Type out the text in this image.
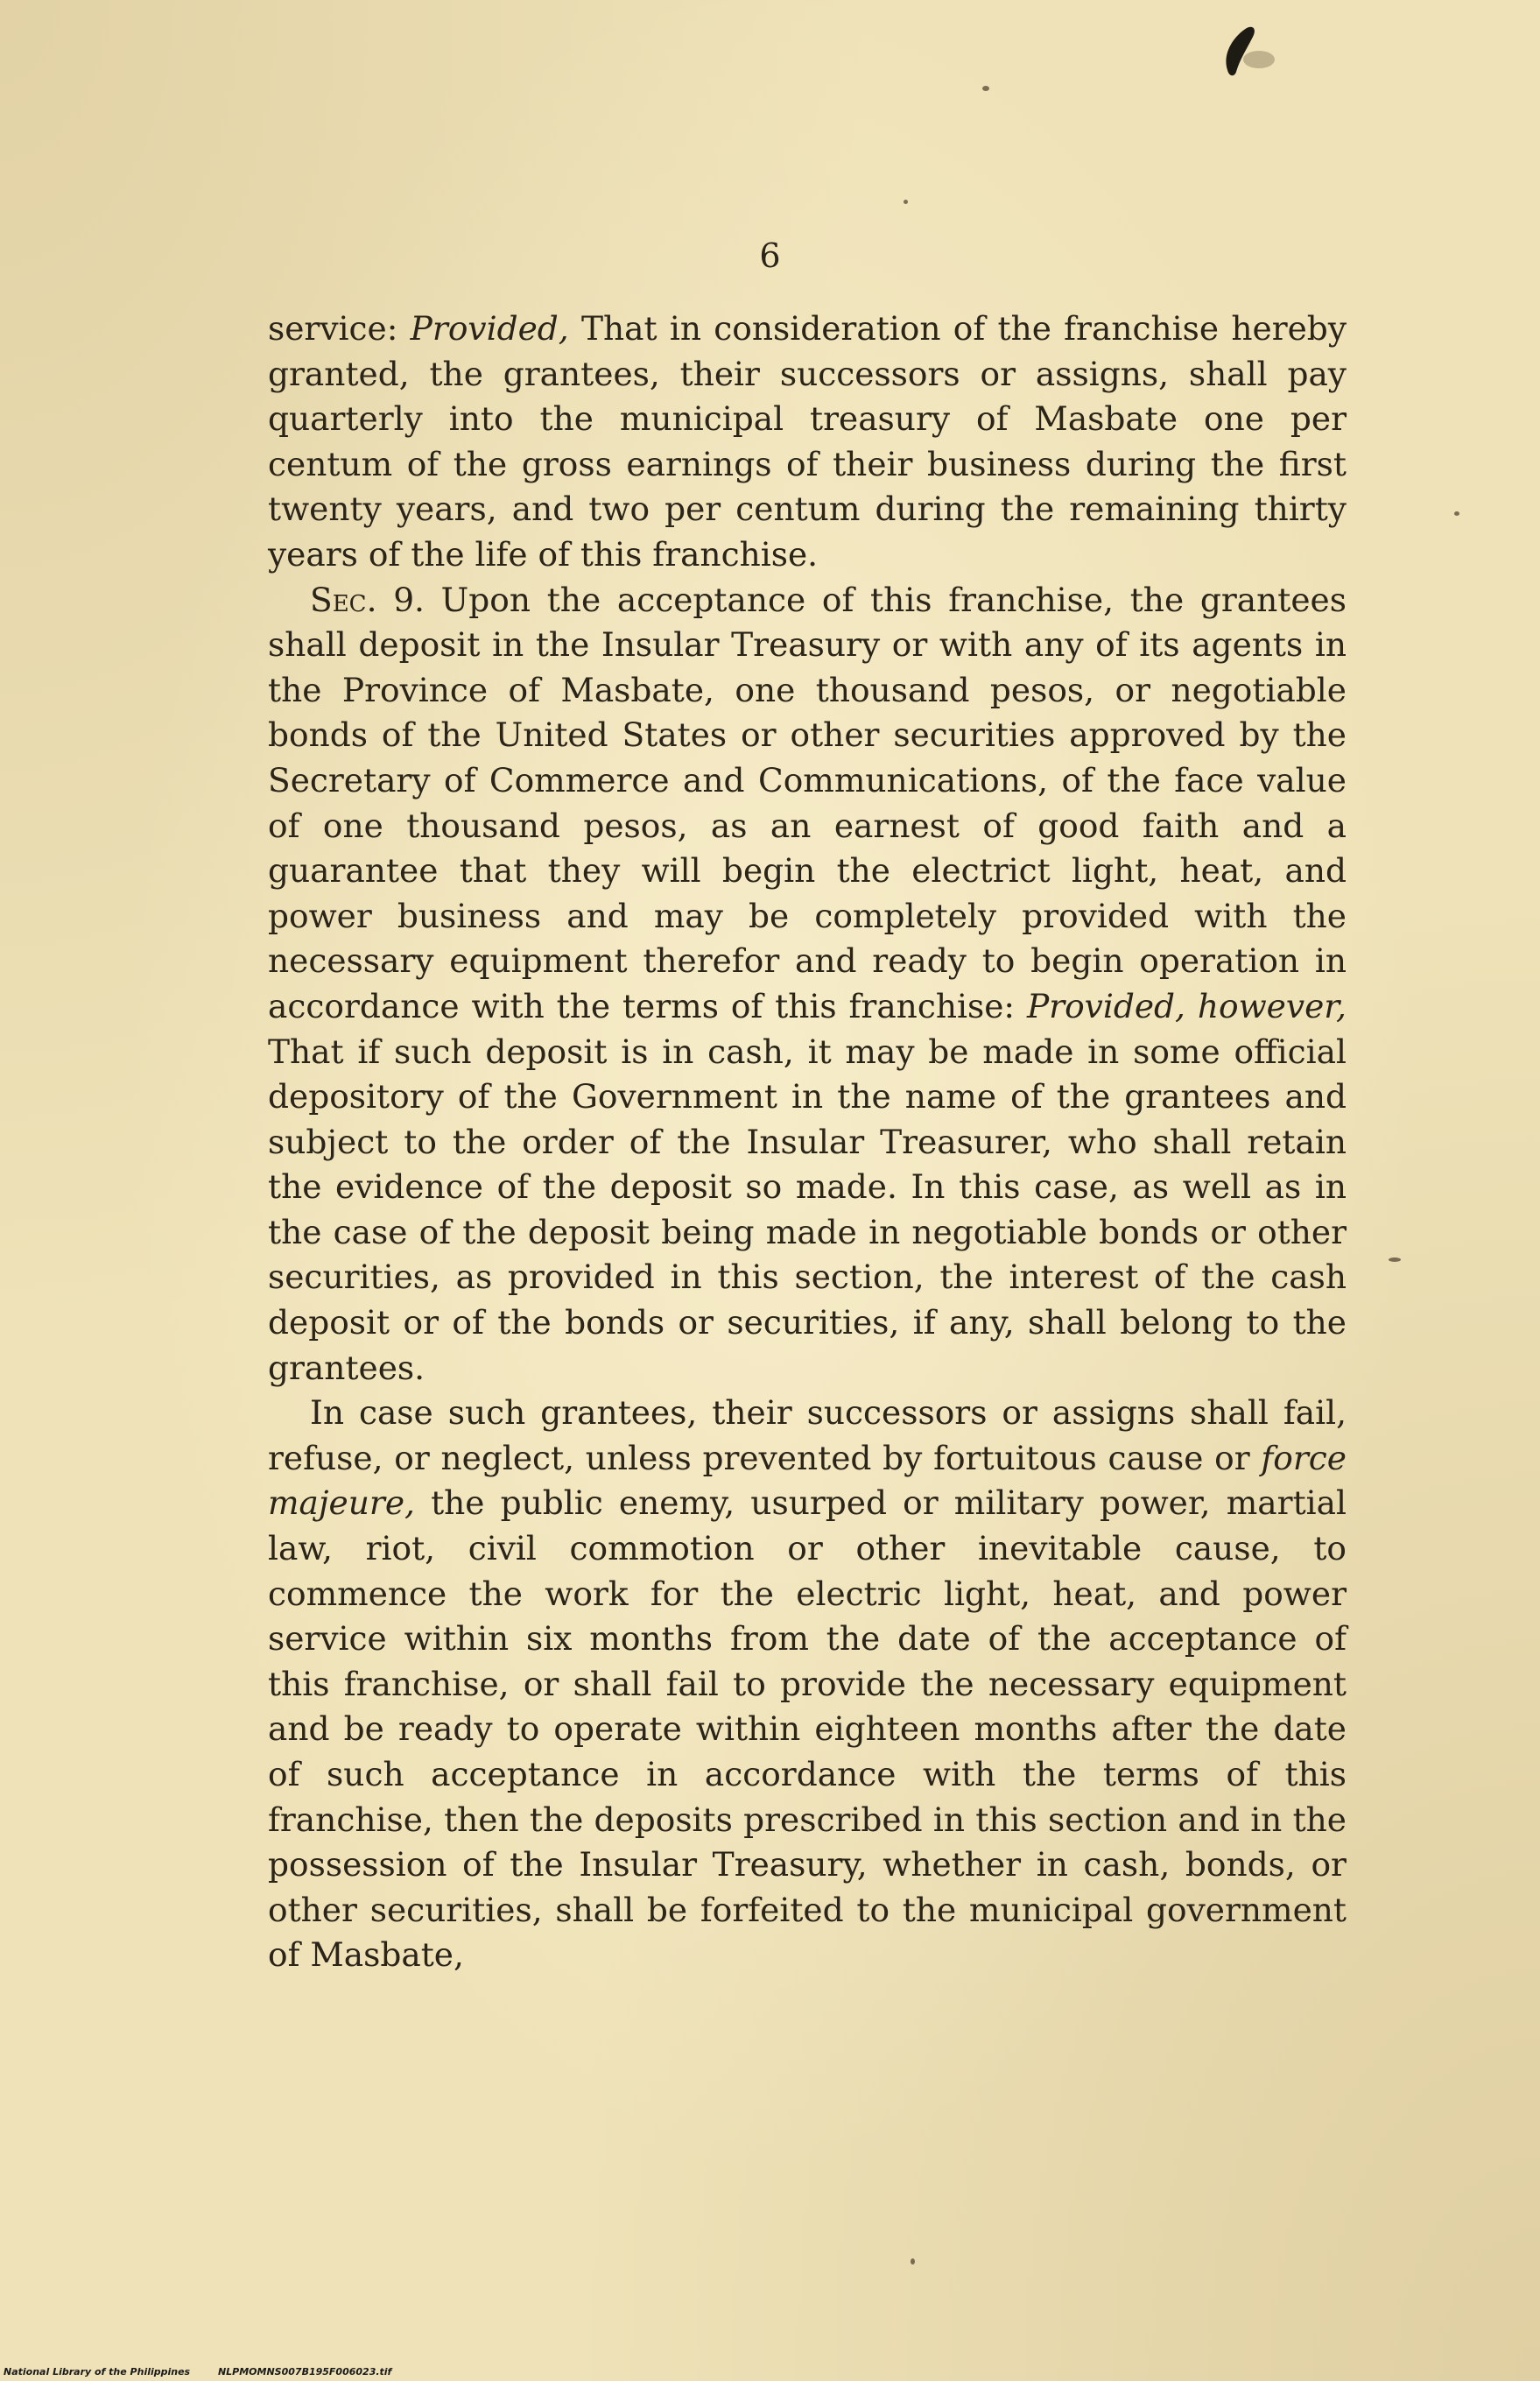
6

service: Provided, That in consideration of the franchise hereby granted, the grantees, their successors or assigns, shall pay quarterly into the municipal treasury of Masbate one per centum of the gross earnings of their business during the first twenty years, and two per centum during the remaining thirty years of the life of this franchise.

Sec. 9. Upon the acceptance of this franchise, the grantees shall deposit in the Insular Treasury or with any of its agents in the Province of Masbate, one thousand pesos, or negotiable bonds of the United States or other securities approved by the Secretary of Commerce and Communications, of the face value of one thousand pesos, as an earnest of good faith and a guarantee that they will begin the electrict light, heat, and power business and may be completely provided with the necessary equipment therefor and ready to begin operation in accordance with the terms of this franchise: Provided, however, That if such deposit is in cash, it may be made in some official depository of the Government in the name of the grantees and subject to the order of the Insular Treasurer, who shall retain the evidence of the deposit so made. In this case, as well as in the case of the deposit being made in negotiable bonds or other securities, as provided in this section, the interest of the cash deposit or of the bonds or securities, if any, shall belong to the grantees.

In case such grantees, their successors or assigns shall fail, refuse, or neglect, unless prevented by fortuitous cause or force majeure, the public enemy, usurped or military power, martial law, riot, civil commotion or other inevitable cause, to commence the work for the electric light, heat, and power service within six months from the date of the acceptance of this franchise, or shall fail to provide the necessary equipment and be ready to operate within eighteen months after the date of such acceptance in accordance with the terms of this franchise, then the deposits prescribed in this section and in the possession of the Insular Treasury, whether in cash, bonds, or other securities, shall be forfeited to the municipal government of Masbate,

National Library of the Philippines	NLPMOMNS007B195F006023.tif
